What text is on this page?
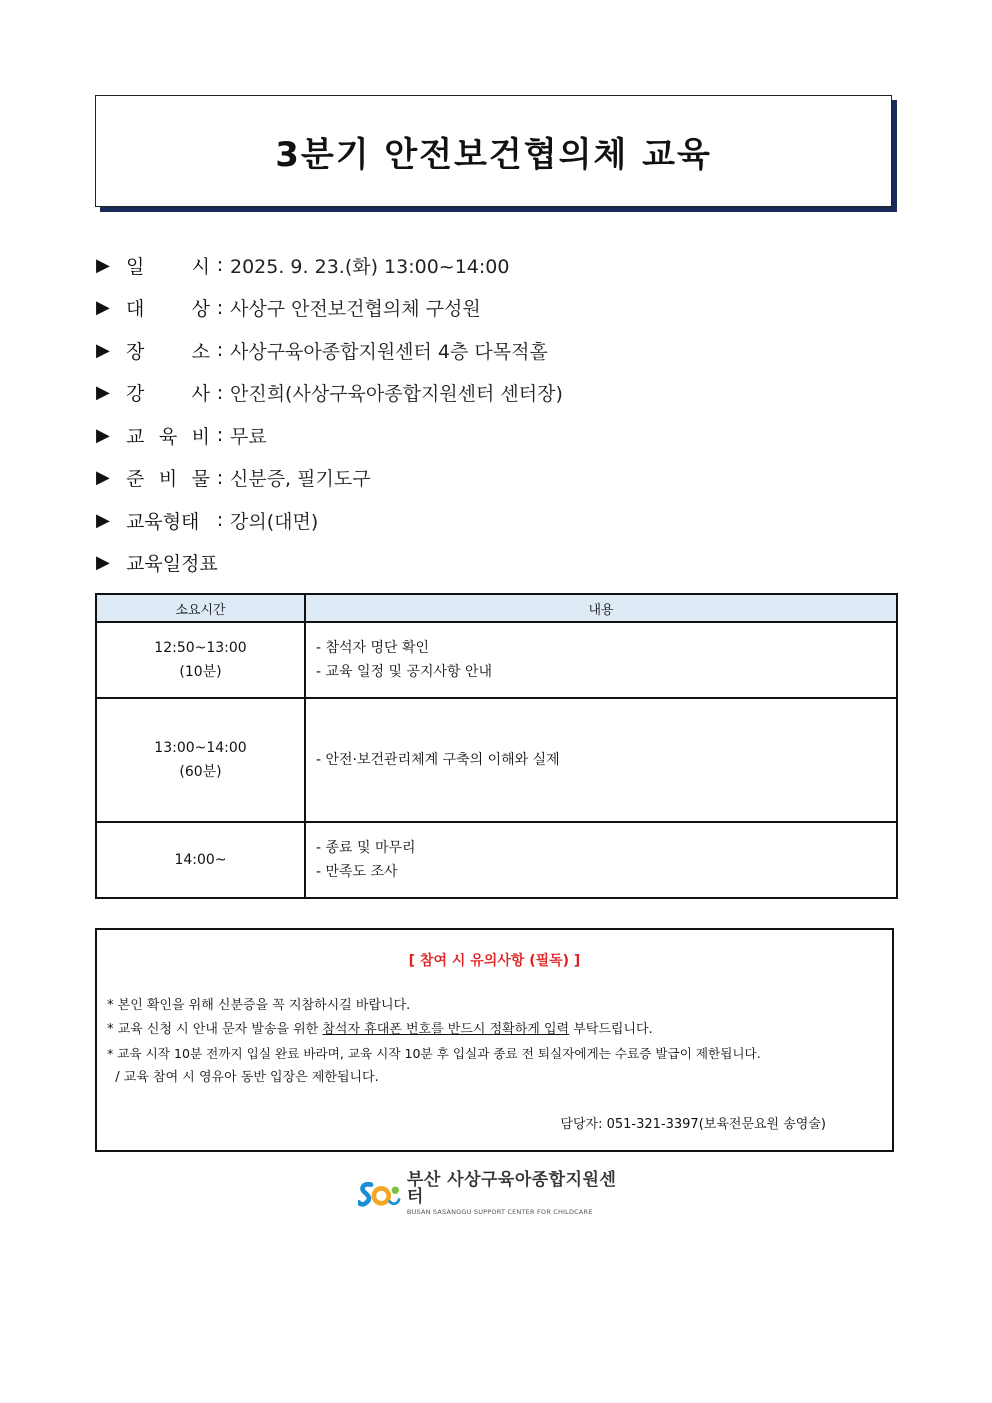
3분기 안전보건협의체 교육
▶ 일 시 : 2025. 9. 23.(화) 13:00~14:00
▶ 대 상 : 사상구 안전보건협의체 구성원
▶ 장 소 : 사상구육아종합지원센터 4층 다목적홀
▶ 강 사 : 안진희(사상구육아종합지원센터 센터장)
▶ 교 육 비 : 무료
▶ 준 비 물 : 신분증, 필기도구
▶ 교육형태 : 강의(대면)
▶ 교육일정표
소요시간	내용

12:50~13:00
(10분)	- 참석자 명단 확인
- 교육 일정 및 공지사항 안내

13:00~14:00
(60분)	- 안전·보건관리체계 구축의 이해와 실제

14:00~	- 종료 및 마무리
- 만족도 조사
[ 참여 시 유의사항 (필독) ]
* 본인 확인을 위해 신분증을 꼭 지참하시길 바랍니다.
* 교육 신청 시 안내 문자 발송을 위한 참석자 휴대폰 번호를 반드시 정확하게 입력 부탁드립니다.
* 교육 시작 10분 전까지 입실 완료 바라며, 교육 시작 10분 후 입실과 종료 전 퇴실자에게는 수료증 발급이 제한됩니다.
/ 교육 참여 시 영유아 동반 입장은 제한됩니다.
담당자: 051-321-3397(보육전문요원 송영술)
부산 사상구육아종합지원센터
BUSAN SASANGGU SUPPORT CENTER FOR CHILDCARE
